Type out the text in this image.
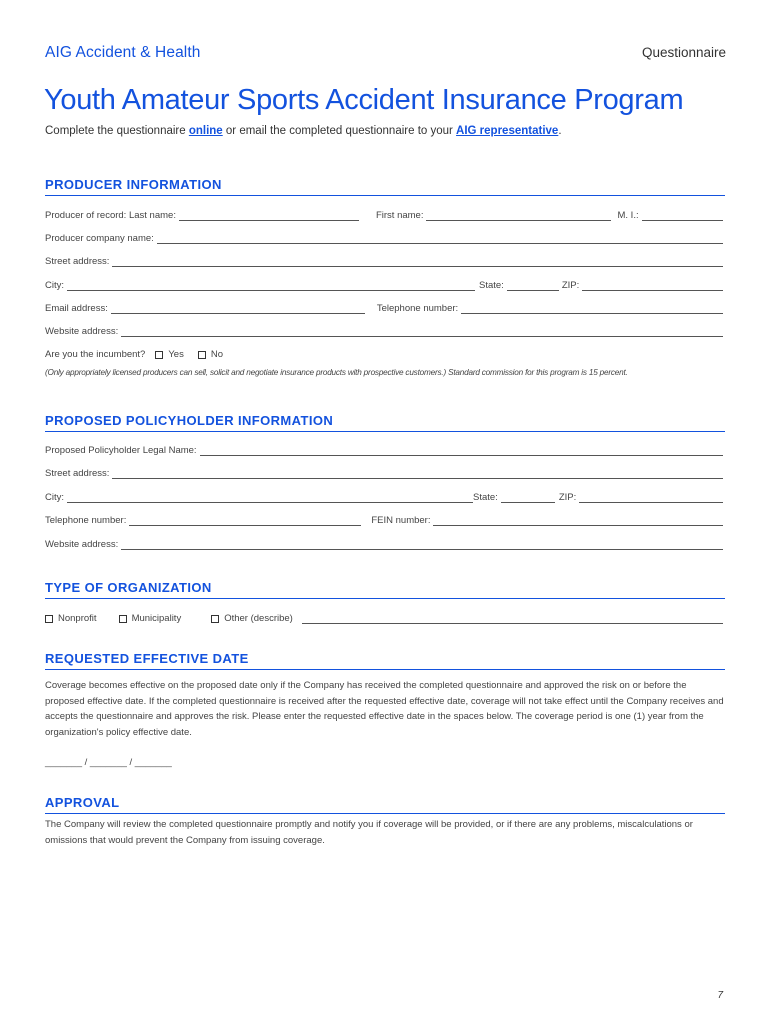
AIG Accident & Health	Questionnaire
Youth Amateur Sports Accident Insurance Program
Complete the questionnaire online or email the completed questionnaire to your AIG representative.
PRODUCER INFORMATION
Producer of record: Last name:	First name:	M. I.:
Producer company name:
Street address:
City:	State:	ZIP:
Email address:	Telephone number:
Website address:
Are you the incumbent? Yes	No
(Only appropriately licensed producers can sell, solicit and negotiate insurance products with prospective customers.) Standard commission for this program is 15 percent.
PROPOSED POLICYHOLDER INFORMATION
Proposed Policyholder Legal Name:
Street address:
City:	State:	ZIP:
Telephone number:	FEIN number:
Website address:
TYPE OF ORGANIZATION
Nonprofit	Municipality	Other (describe)
REQUESTED EFFECTIVE DATE
Coverage becomes effective on the proposed date only if the Company has received the completed questionnaire and approved the risk on or before the proposed effective date. If the completed questionnaire is received after the requested effective date, coverage will not take effect until the Company receives and accepts the questionnaire and approves the risk. Please enter the requested effective date in the spaces below. The coverage period is one (1) year from the organization's policy effective date.
_______ / _______ / _______
APPROVAL
The Company will review the completed questionnaire promptly and notify you if coverage will be provided, or if there are any problems, miscalculations or omissions that would prevent the Company from issuing coverage.
7
